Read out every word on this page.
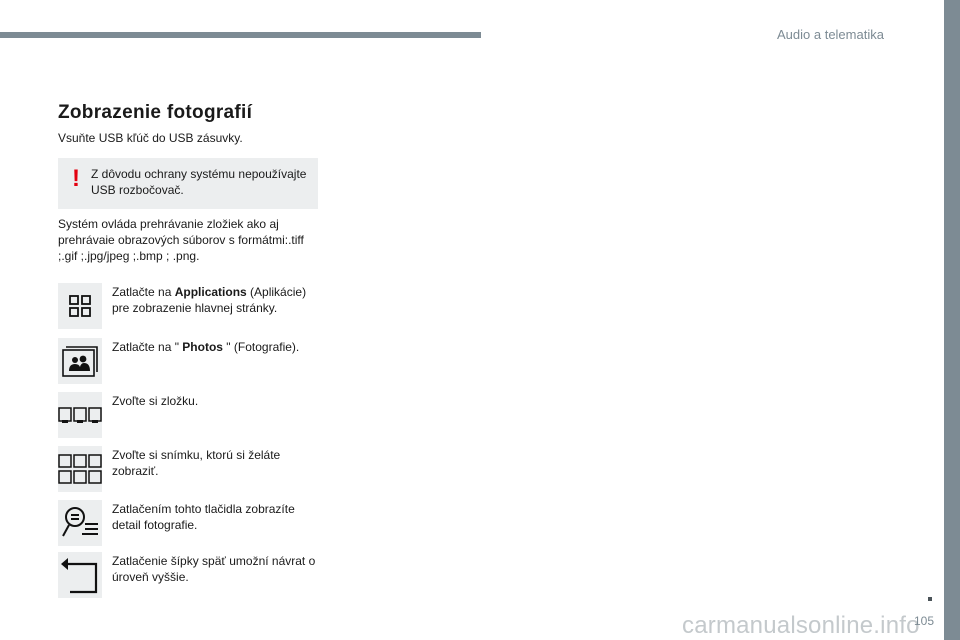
Audio a telematika
Zobrazenie fotografií

Vsuňte USB kľúč do USB zásuvky.

! Z dôvodu ochrany systému nepoužívajte USB rozbočovač.

Systém ovláda prehrávanie zložiek ako aj prehrávaie obrazových súborov s formátmi:.tiff ;.gif ;.jpg/jpeg ;.bmp ; .png.

Zatlačte na Applications (Aplikácie) pre zobrazenie hlavnej stránky.
Zatlačte na " Photos " (Fotografie).
Zvoľte si zložku.
Zvoľte si snímku, ktorú si želáte zobraziť.
Zatlačením tohto tlačidla zobrazíte detail fotografie.
Zatlačenie šípky späť umožní návrat o úroveň vyššie.
carmanualsonline.info
105
